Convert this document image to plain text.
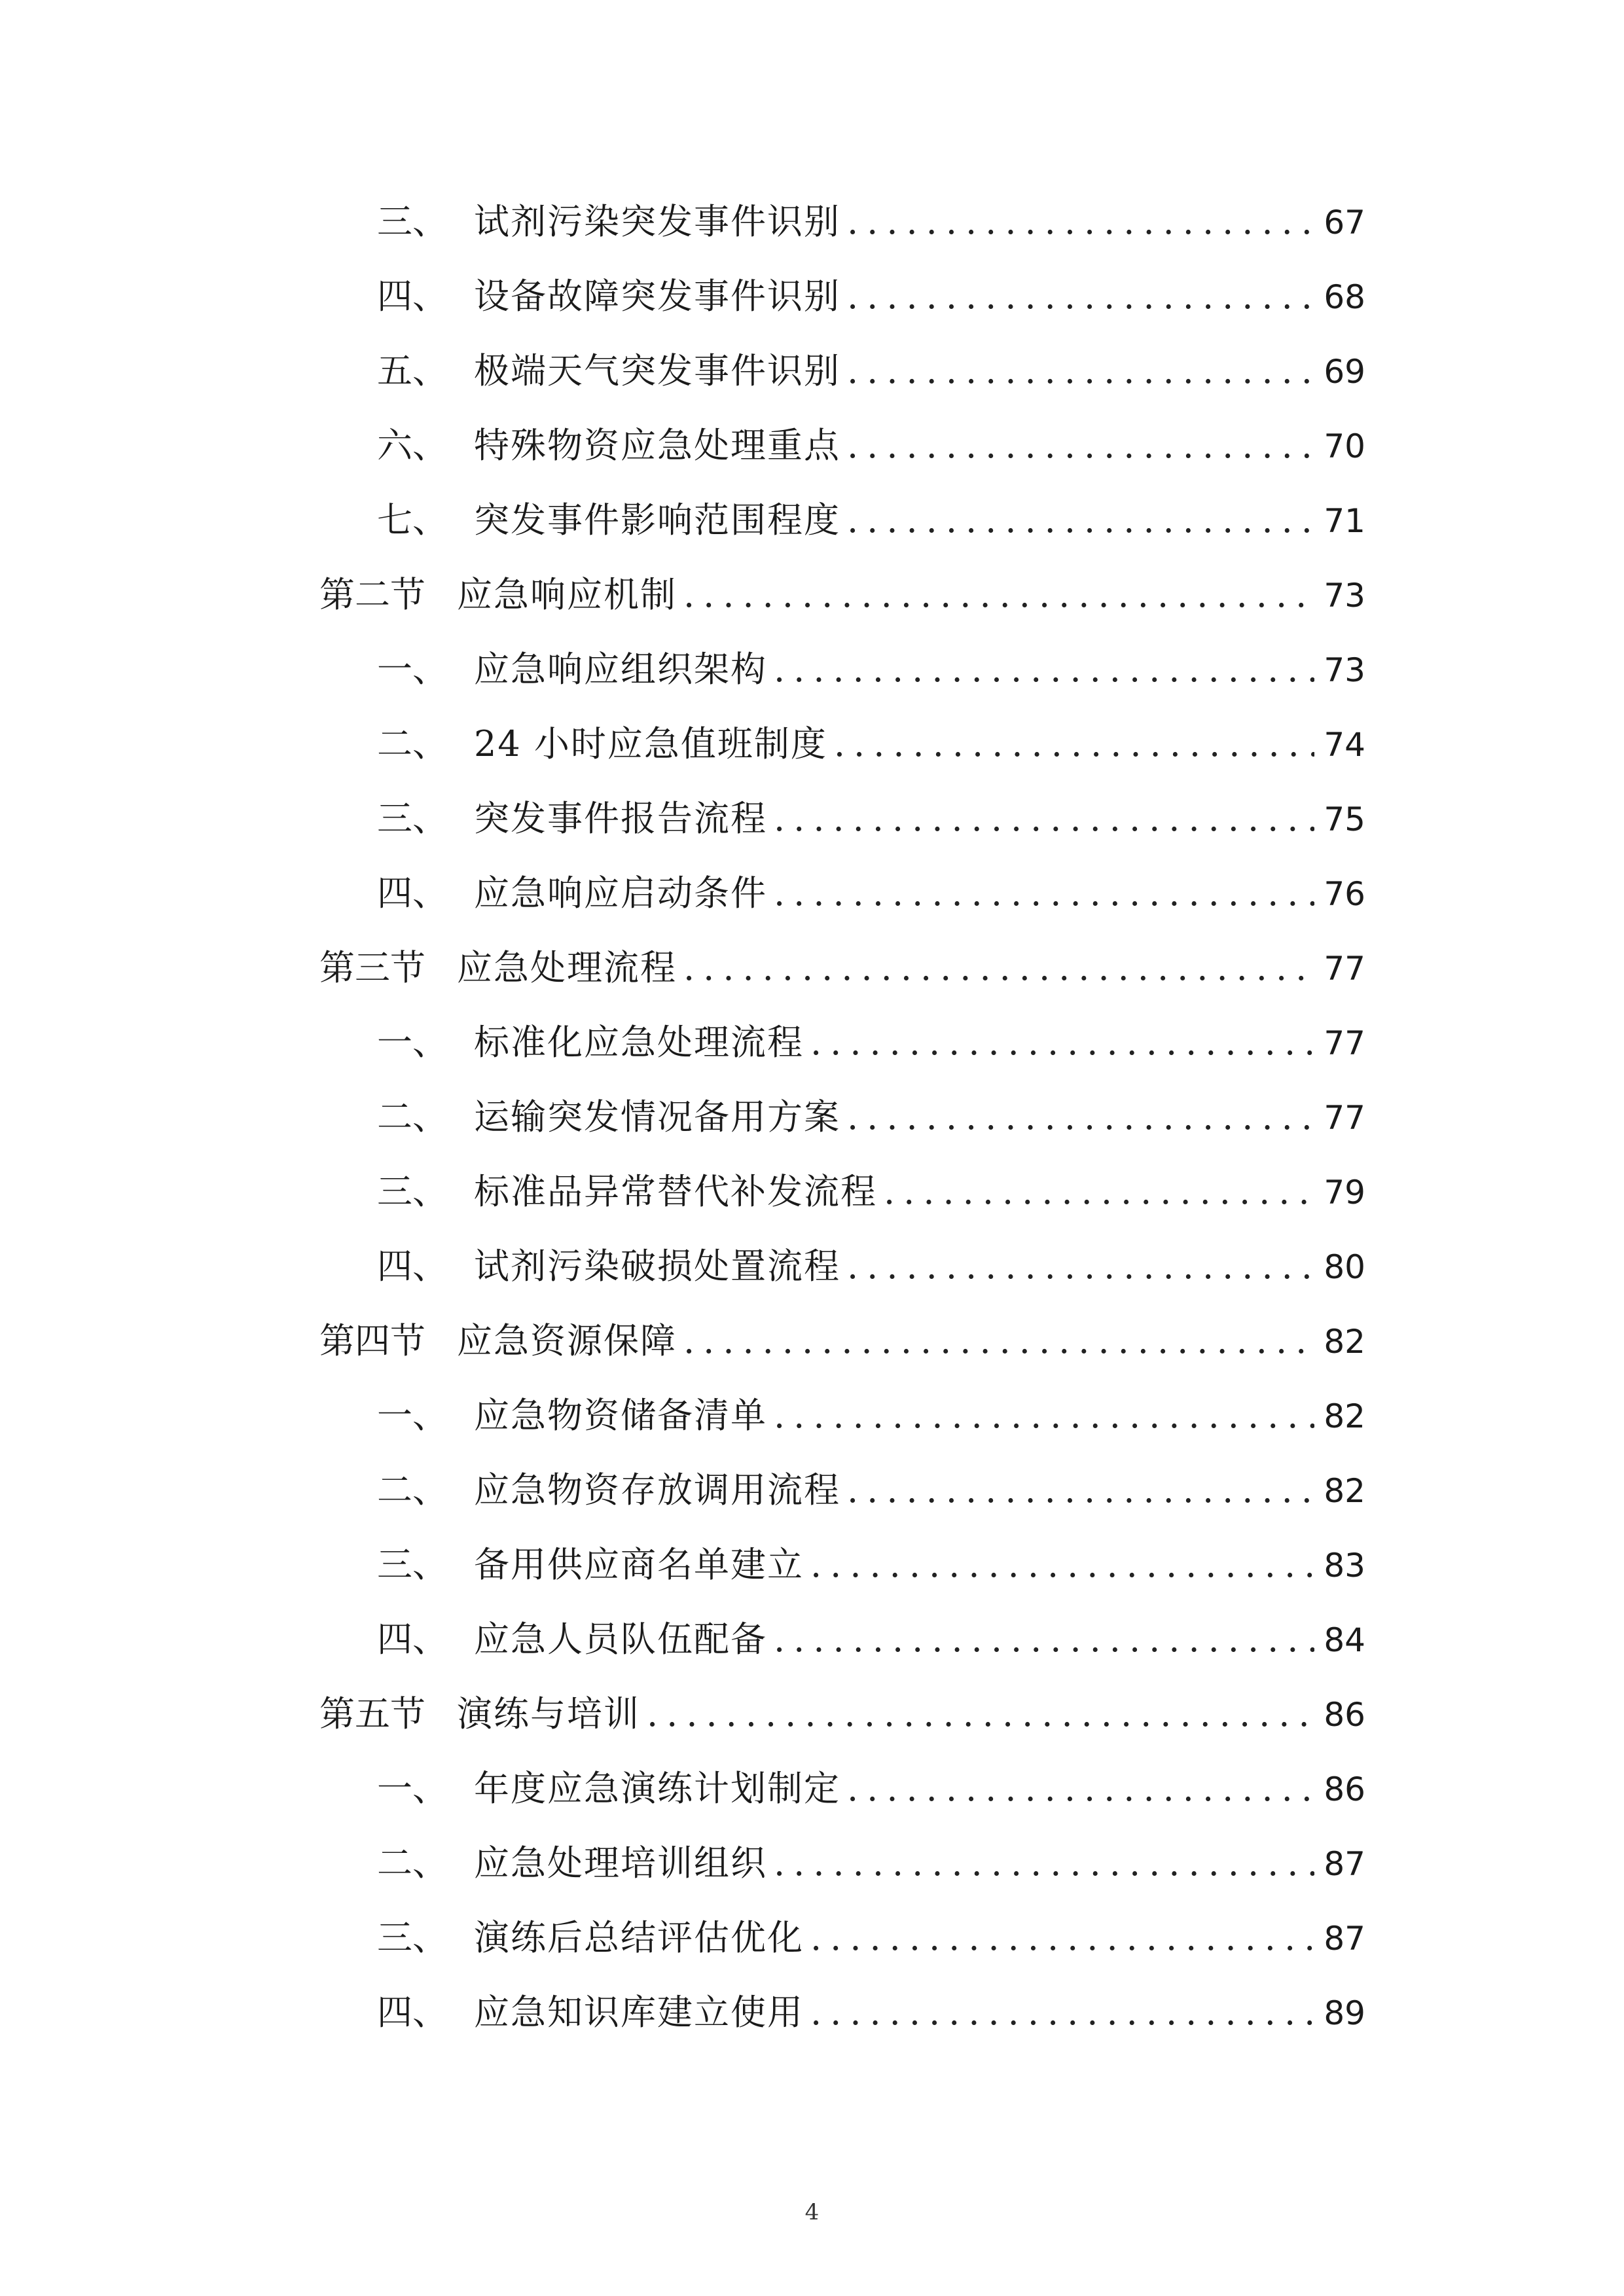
三、 试剂污染突发事件识别 .....	67
四、 设备故障突发事件识别 .....	68
五、 极端天气突发事件识别 .....	69
六、 特殊物资应急处理重点 .....	70
七、 突发事件影响范围程度 .....	71
第二节 应急响应机制 .....	73
一、 应急响应组织架构 .....	73
二、 24 小时应急值班制度 .....	74
三、 突发事件报告流程 .....	75
四、 应急响应启动条件 .....	76
第三节 应急处理流程 .....	77
一、 标准化应急处理流程 .....	77
二、 运输突发情况备用方案 .....	77
三、 标准品异常替代补发流程 .....	79
四、 试剂污染破损处置流程 .....	80
第四节 应急资源保障 .....	82
一、 应急物资储备清单 .....	82
二、 应急物资存放调用流程 .....	82
三、 备用供应商名单建立 .....	83
四、 应急人员队伍配备 .....	84
第五节 演练与培训 .....	86
一、 年度应急演练计划制定 .....	86
二、 应急处理培训组织 .....	87
三、 演练后总结评估优化 .....	87
四、 应急知识库建立使用 .....	89
4
